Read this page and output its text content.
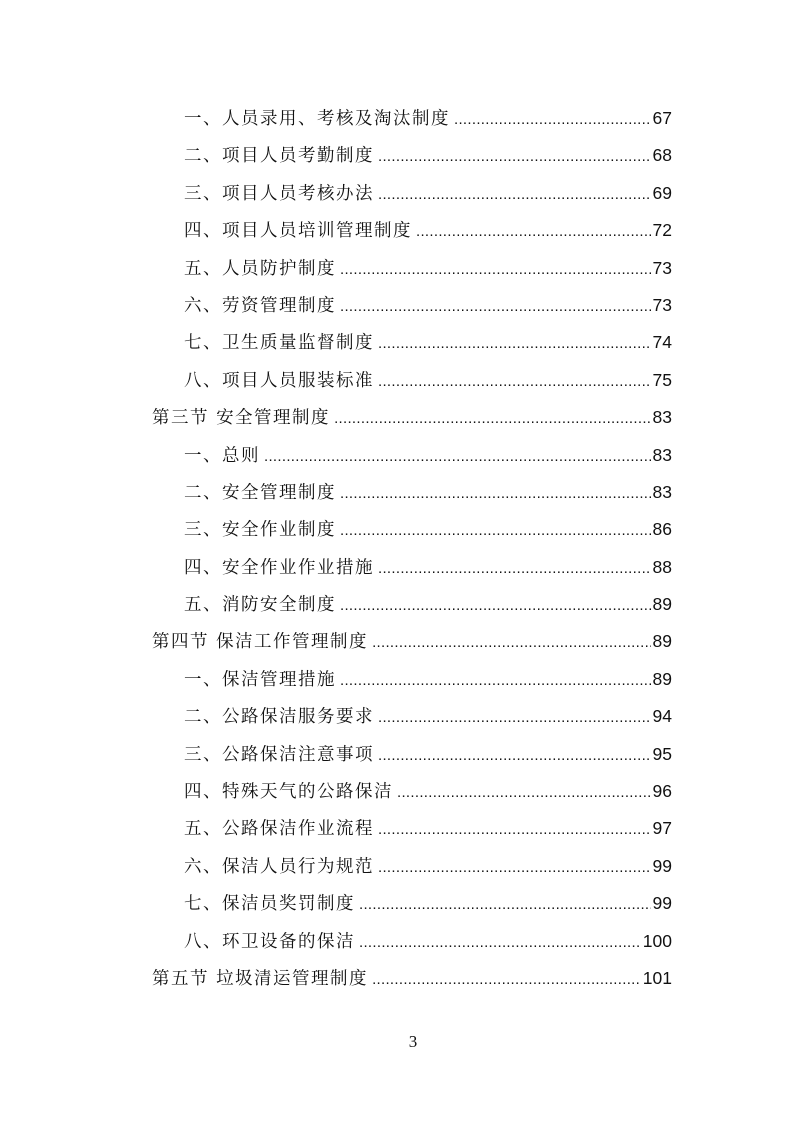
一、人员录用、考核及淘汰制度 .....	67
二、项目人员考勤制度 .....	68
三、项目人员考核办法 .....	69
四、项目人员培训管理制度 .....	72
五、人员防护制度 .....	73
六、劳资管理制度 .....	73
七、卫生质量监督制度 .....	74
八、项目人员服装标准 .....	75
第三节 安全管理制度 .....	83
一、总则 .....	83
二、安全管理制度 .....	83
三、安全作业制度 .....	86
四、安全作业作业措施 .....	88
五、消防安全制度 .....	89
第四节 保洁工作管理制度 .....	89
一、保洁管理措施 .....	89
二、公路保洁服务要求 .....	94
三、公路保洁注意事项 .....	95
四、特殊天气的公路保洁 .....	96
五、公路保洁作业流程 .....	97
六、保洁人员行为规范 .....	99
七、保洁员奖罚制度 .....	99
八、环卫设备的保洁 .....	100
第五节 垃圾清运管理制度 .....	101
3
